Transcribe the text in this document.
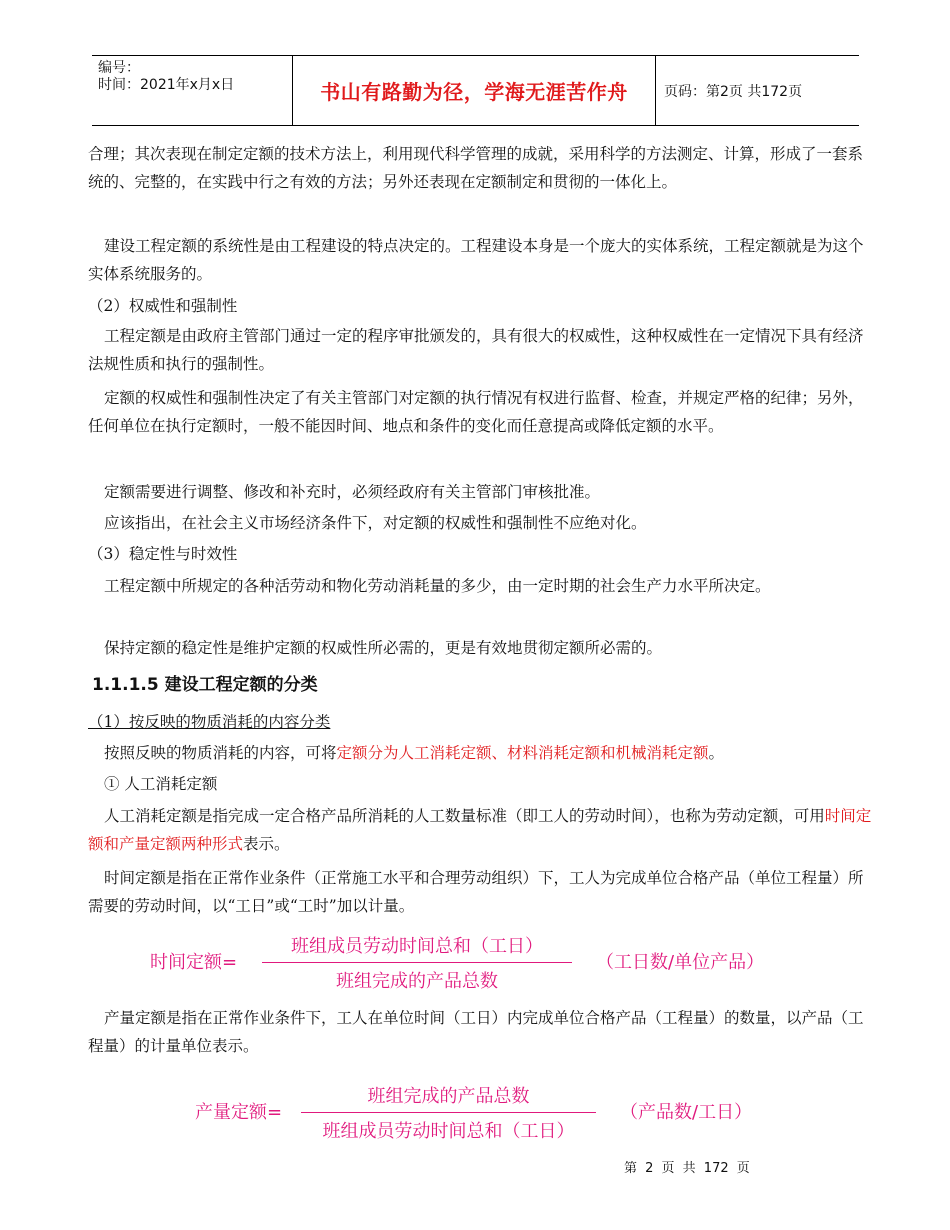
编号：
时间：2021年x月x日	书山有路勤为径，学海无涯苦作舟	页码：第2页 共172页

合理；其次表现在制定定额的技术方法上，利用现代科学管理的成就，采用科学的方法测定、计算，形成了一套系统的、完整的，在实践中行之有效的方法；另外还表现在定额制定和贯彻的一体化上。

建设工程定额的系统性是由工程建设的特点决定的。工程建设本身是一个庞大的实体系统，工程定额就是为这个实体系统服务的。

（2）权威性和强制性

工程定额是由政府主管部门通过一定的程序审批颁发的，具有很大的权威性，这种权威性在一定情况下具有经济法规性质和执行的强制性。

定额的权威性和强制性决定了有关主管部门对定额的执行情况有权进行监督、检查，并规定严格的纪律；另外，任何单位在执行定额时，一般不能因时间、地点和条件的变化而任意提高或降低定额的水平。

定额需要进行调整、修改和补充时，必须经政府有关主管部门审核批准。

应该指出，在社会主义市场经济条件下，对定额的权威性和强制性不应绝对化。

（3）稳定性与时效性

工程定额中所规定的各种活劳动和物化劳动消耗量的多少，由一定时期的社会生产力水平所决定。

保持定额的稳定性是维护定额的权威性所必需的，更是有效地贯彻定额所必需的。

1.1.1.5 建设工程定额的分类

（1）按反映的物质消耗的内容分类

按照反映的物质消耗的内容，可将定额分为人工消耗定额、材料消耗定额和机械消耗定额。

① 人工消耗定额

人工消耗定额是指完成一定合格产品所消耗的人工数量标准（即工人的劳动时间），也称为劳动定额，可用时间定额和产量定额两种形式表示。

时间定额是指在正常作业条件（正常施工水平和合理劳动组织）下，工人为完成单位合格产品（单位工程量）所需要的劳动时间，以“工日”或“工时”加以计量。

时间定额=
班组成员劳动时间总和（工日）
班组完成的产品总数
（工日数/单位产品）

产量定额是指在正常作业条件下，工人在单位时间（工日）内完成单位合格产品（工程量）的数量，以产品（工程量）的计量单位表示。

产量定额=
班组完成的产品总数
班组成员劳动时间总和（工日）
（产品数/工日）
第 2 页 共 172 页
